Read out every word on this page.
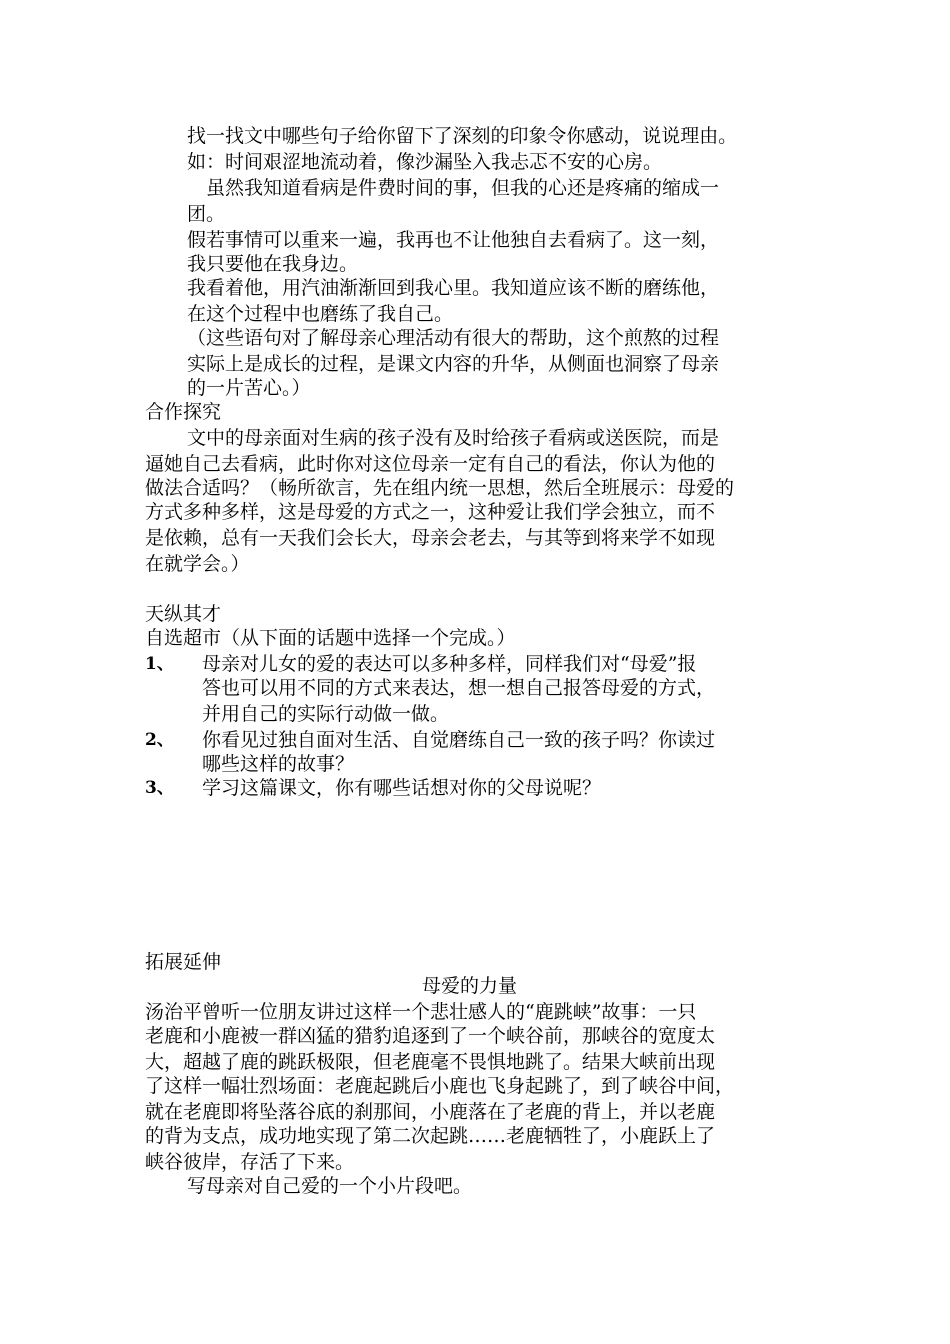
找一找文中哪些句子给你留下了深刻的印象令你感动，说说理由。
如：时间艰涩地流动着，像沙漏坠入我忐忑不安的心房。
　虽然我知道看病是件费时间的事，但我的心还是疼痛的缩成一
团。
假若事情可以重来一遍，我再也不让他独自去看病了。这一刻，
我只要他在我身边。
我看着他，用汽油渐渐回到我心里。我知道应该不断的磨练他，
在这个过程中也磨练了我自己。
（这些语句对了解母亲心理活动有很大的帮助，这个煎熬的过程
实际上是成长的过程，是课文内容的升华，从侧面也洞察了母亲
的一片苦心。）
合作探究
文中的母亲面对生病的孩子没有及时给孩子看病或送医院，而是
逼她自己去看病，此时你对这位母亲一定有自己的看法，你认为他的
做法合适吗？（畅所欲言，先在组内统一思想，然后全班展示：母爱的
方式多种多样，这是母爱的方式之一，这种爱让我们学会独立，而不
是依赖，总有一天我们会长大，母亲会老去，与其等到将来学不如现
在就学会。）
天纵其才
自选超市（从下面的话题中选择一个完成。）
1、 母亲对儿女的爱的表达可以多种多样，同样我们对“母爱”报
答也可以用不同的方式来表达，想一想自己报答母爱的方式，
并用自己的实际行动做一做。
2、 你看见过独自面对生活、自觉磨练自己一致的孩子吗？你读过
哪些这样的故事？
3、 学习这篇课文，你有哪些话想对你的父母说呢？
拓展延伸
母爱的力量
汤治平曾听一位朋友讲过这样一个悲壮感人的“鹿跳峡”故事：一只
老鹿和小鹿被一群凶猛的猎豹追逐到了一个峡谷前，那峡谷的宽度太
大，超越了鹿的跳跃极限，但老鹿毫不畏惧地跳了。结果大峡前出现
了这样一幅壮烈场面：老鹿起跳后小鹿也飞身起跳了，到了峡谷中间，
就在老鹿即将坠落谷底的刹那间，小鹿落在了老鹿的背上，并以老鹿
的背为支点，成功地实现了第二次起跳……老鹿牺牲了，小鹿跃上了
峡谷彼岸，存活了下来。
写母亲对自己爱的一个小片段吧。
